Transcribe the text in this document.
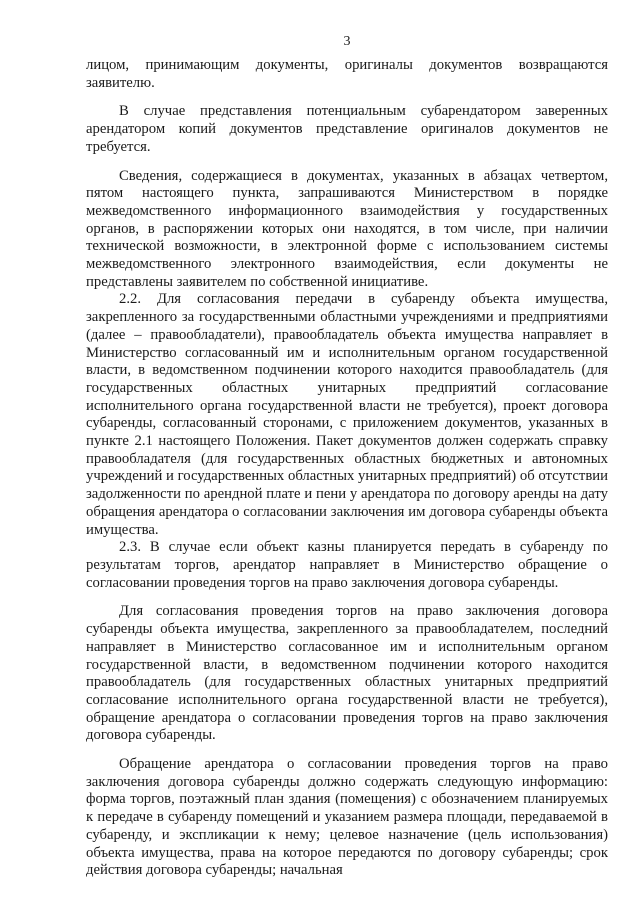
3

лицом, принимающим документы, оригиналы документов возвращаются заявителю.

В случае представления потенциальным субарендатором заверенных арендатором копий документов представление оригиналов документов не требуется.

Сведения, содержащиеся в документах, указанных в абзацах четвертом, пятом настоящего пункта, запрашиваются Министерством в порядке межведомственного информационного взаимодействия у государственных органов, в распоряжении которых они находятся, в том числе, при наличии технической возможности, в электронной форме с использованием системы межведомственного электронного взаимодействия, если документы не представлены заявителем по собственной инициативе.

2.2. Для согласования передачи в субаренду объекта имущества, закрепленного за государственными областными учреждениями и предприятиями (далее – правообладатели), правообладатель объекта имущества направляет в Министерство согласованный им и исполнительным органом государственной власти, в ведомственном подчинении которого находится правообладатель (для государственных областных унитарных предприятий согласование исполнительного органа государственной власти не требуется), проект договора субаренды, согласованный сторонами, с приложением документов, указанных в пункте 2.1 настоящего Положения. Пакет документов должен содержать справку правообладателя (для государственных областных бюджетных и автономных учреждений и государственных областных унитарных предприятий) об отсутствии задолженности по арендной плате и пени у арендатора по договору аренды на дату обращения арендатора о согласовании заключения им договора субаренды объекта имущества.

2.3. В случае если объект казны планируется передать в субаренду по результатам торгов, арендатор направляет в Министерство обращение о согласовании проведения торгов на право заключения договора субаренды.

Для согласования проведения торгов на право заключения договора субаренды объекта имущества, закрепленного за правообладателем, последний направляет в Министерство согласованное им и исполнительным органом государственной власти, в ведомственном подчинении которого находится правообладатель (для государственных областных унитарных предприятий согласование исполнительного органа государственной власти не требуется), обращение арендатора о согласовании проведения торгов на право заключения договора субаренды.

Обращение арендатора о согласовании проведения торгов на право заключения договора субаренды должно содержать следующую информацию: форма торгов, поэтажный план здания (помещения) с обозначением планируемых к передаче в субаренду помещений и указанием размера площади, передаваемой в субаренду, и экспликации к нему; целевое назначение (цель использования) объекта имущества, права на которое передаются по договору субаренды; срок действия договора субаренды; начальная
